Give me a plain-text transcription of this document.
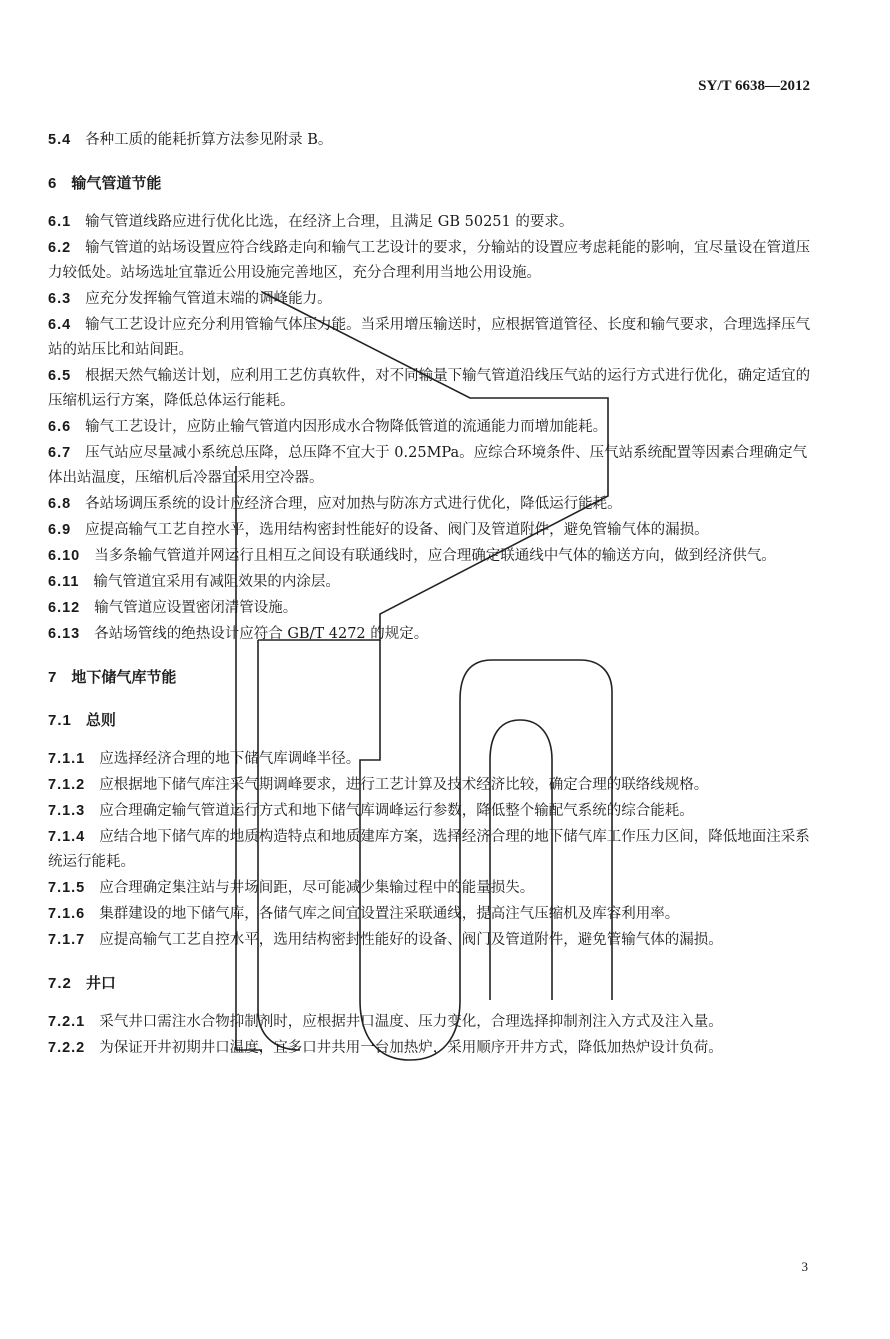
SY/T 6638—2012

5.4 各种工质的能耗折算方法参见附录 B。

6 输气管道节能

6.1 输气管道线路应进行优化比选，在经济上合理，且满足 GB 50251 的要求。

6.2 输气管道的站场设置应符合线路走向和输气工艺设计的要求，分输站的设置应考虑耗能的影响，宜尽量设在管道压力较低处。站场选址宜靠近公用设施完善地区，充分合理利用当地公用设施。

6.3 应充分发挥输气管道末端的调峰能力。

6.4 输气工艺设计应充分利用管输气体压力能。当采用增压输送时，应根据管道管径、长度和输气要求，合理选择压气站的站压比和站间距。

6.5 根据天然气输送计划，应利用工艺仿真软件，对不同输量下输气管道沿线压气站的运行方式进行优化，确定适宜的压缩机运行方案，降低总体运行能耗。

6.6 输气工艺设计，应防止输气管道内因形成水合物降低管道的流通能力而增加能耗。

6.7 压气站应尽量减小系统总压降，总压降不宜大于 0.25MPa。应综合环境条件、压气站系统配置等因素合理确定气体出站温度，压缩机后冷器宜采用空冷器。

6.8 各站场调压系统的设计应经济合理，应对加热与防冻方式进行优化，降低运行能耗。

6.9 应提高输气工艺自控水平，选用结构密封性能好的设备、阀门及管道附件，避免管输气体的漏损。

6.10 当多条输气管道并网运行且相互之间设有联通线时，应合理确定联通线中气体的输送方向，做到经济供气。

6.11 输气管道宜采用有减阻效果的内涂层。

6.12 输气管道应设置密闭清管设施。

6.13 各站场管线的绝热设计应符合 GB/T 4272 的规定。

7 地下储气库节能
7.1 总则

7.1.1 应选择经济合理的地下储气库调峰半径。

7.1.2 应根据地下储气库注采气期调峰要求，进行工艺计算及技术经济比较，确定合理的联络线规格。

7.1.3 应合理确定输气管道运行方式和地下储气库调峰运行参数，降低整个输配气系统的综合能耗。

7.1.4 应结合地下储气库的地质构造特点和地质建库方案，选择经济合理的地下储气库工作压力区间，降低地面注采系统运行能耗。

7.1.5 应合理确定集注站与井场间距，尽可能减少集输过程中的能量损失。

7.1.6 集群建设的地下储气库，各储气库之间宜设置注采联通线，提高注气压缩机及库容利用率。

7.1.7 应提高输气工艺自控水平，选用结构密封性能好的设备、阀门及管道附件，避免管输气体的漏损。

7.2 井口

7.2.1 采气井口需注水合物抑制剂时，应根据井口温度、压力变化，合理选择抑制剂注入方式及注入量。

7.2.2 为保证开井初期井口温度，宜多口井共用一台加热炉，采用顺序开井方式，降低加热炉设计负荷。

3
